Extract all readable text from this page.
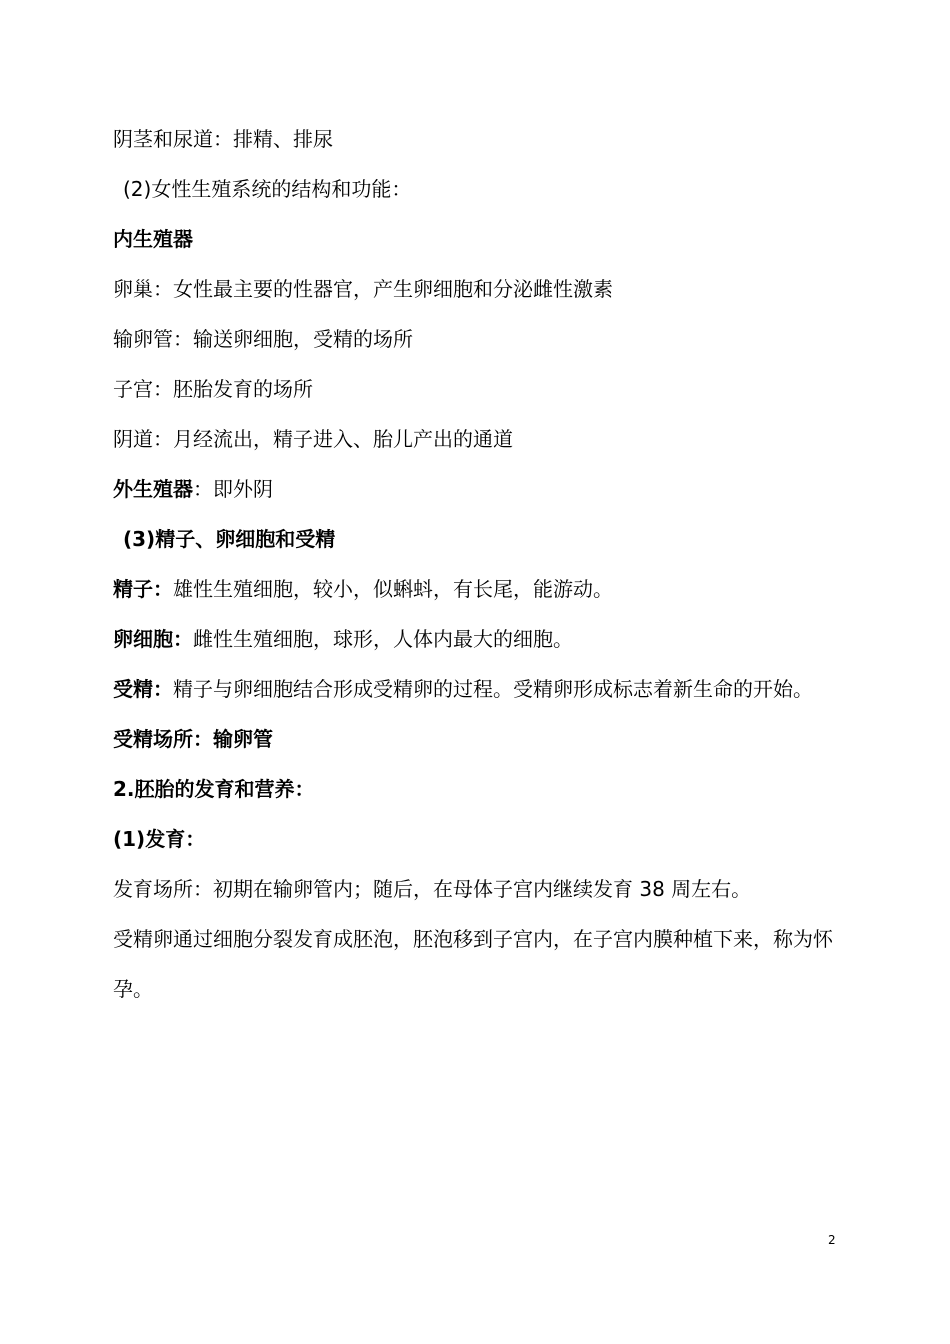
阴茎和尿道：排精、排尿
(2)女性生殖系统的结构和功能：
内生殖器
卵巢：女性最主要的性器官，产生卵细胞和分泌雌性激素
输卵管：输送卵细胞，受精的场所
子宫：胚胎发育的场所
阴道：月经流出，精子进入、胎儿产出的通道
外生殖器：即外阴
(3)精子、卵细胞和受精
精子：雄性生殖细胞，较小，似蝌蚪，有长尾，能游动。
卵细胞：雌性生殖细胞，球形，人体内最大的细胞。
受精：精子与卵细胞结合形成受精卵的过程。受精卵形成标志着新生命的开始。
受精场所：输卵管
2.胚胎的发育和营养：
(1)发育：
发育场所：初期在输卵管内；随后，在母体子宫内继续发育 38 周左右。
受精卵通过细胞分裂发育成胚泡，胚泡移到子宫内，在子宫内膜种植下来，称为怀孕。
2
